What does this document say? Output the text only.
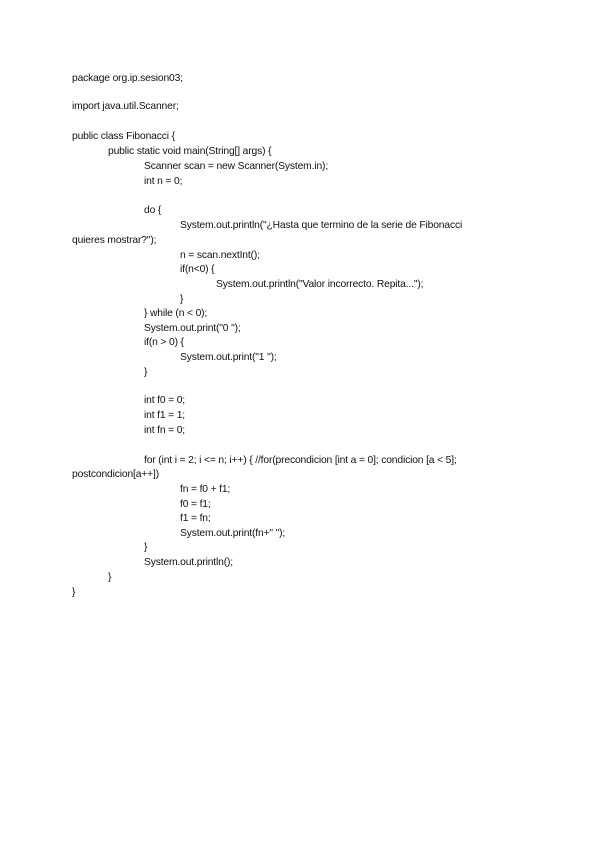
package org.ip.sesion03;
import java.util.Scanner;
public class Fibonacci {
public static void main(String[] args) {
Scanner scan = new Scanner(System.in);
int n = 0;
do {
System.out.println("¿Hasta que termino de la serie de Fibonacci
quieres mostrar?");
n = scan.nextInt();
if(n<0) {
System.out.println("Valor incorrecto. Repita...");
}
} while (n < 0);
System.out.print("0 ");
if(n > 0) {
System.out.print("1 ");
}
int f0 = 0;
int f1 = 1;
int fn = 0;
for (int i = 2; i <= n; i++) { //for(precondicion [int a = 0]; condicion [a < 5];
postcondicion[a++])
fn = f0 + f1;
f0 = f1;
f1 = fn;
System.out.print(fn+" ");
}
System.out.println();
}
}
